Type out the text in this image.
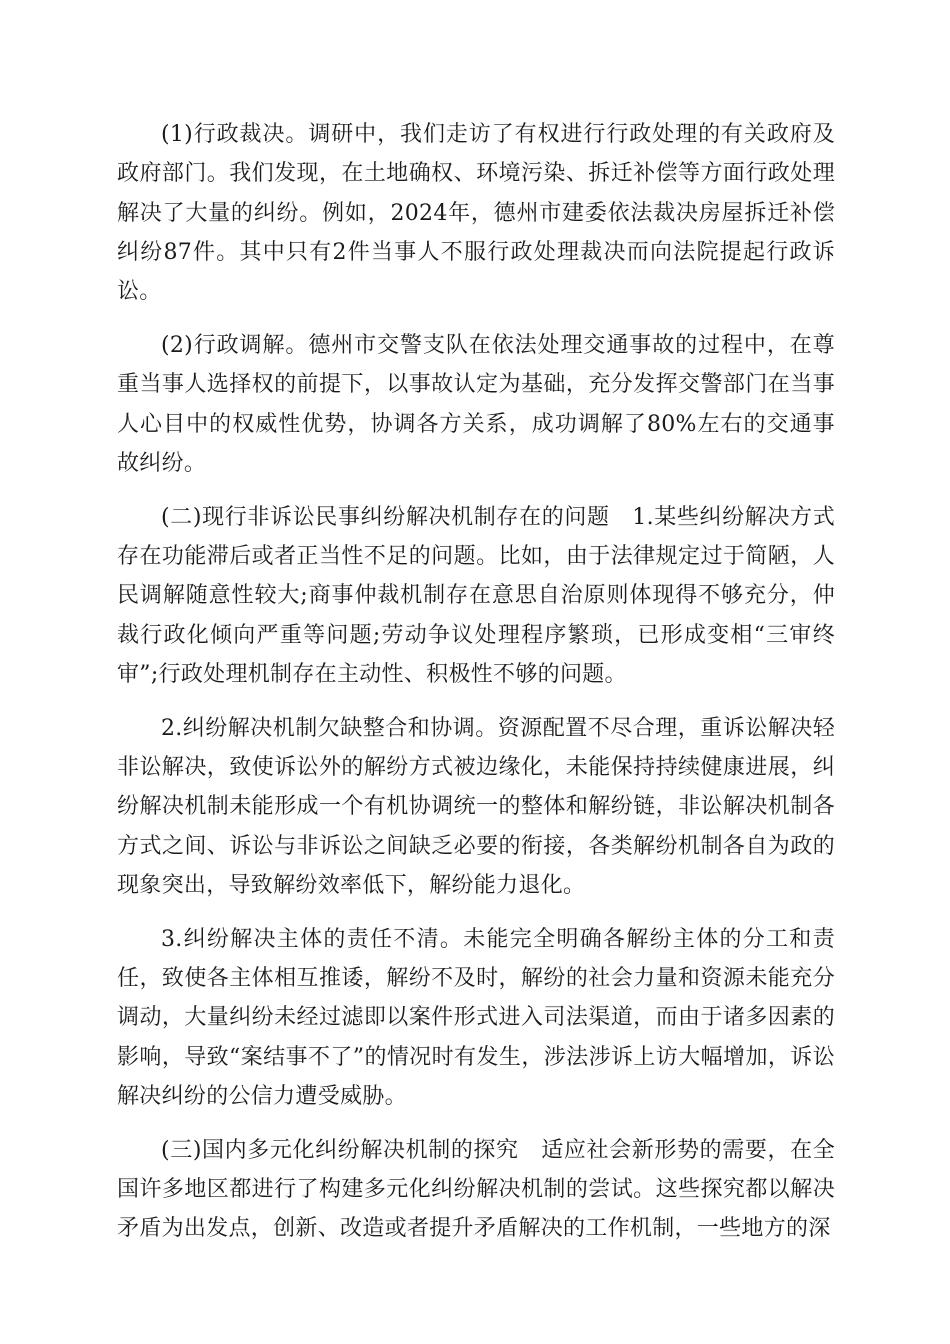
(1)行政裁决。调研中，我们走访了有权进行行政处理的有关政府及政府部门。我们发现，在土地确权、环境污染、拆迁补偿等方面行政处理解决了大量的纠纷。例如，2024年，德州市建委依法裁决房屋拆迁补偿纠纷87件。其中只有2件当事人不服行政处理裁决而向法院提起行政诉讼。

(2)行政调解。德州市交警支队在依法处理交通事故的过程中，在尊重当事人选择权的前提下，以事故认定为基础，充分发挥交警部门在当事人心目中的权威性优势，协调各方关系，成功调解了80%左右的交通事故纠纷。

(二)现行非诉讼民事纠纷解决机制存在的问题　1.某些纠纷解决方式存在功能滞后或者正当性不足的问题。比如，由于法律规定过于简陋，人民调解随意性较大;商事仲裁机制存在意思自治原则体现得不够充分，仲裁行政化倾向严重等问题;劳动争议处理程序繁琐，已形成变相“三审终审”;行政处理机制存在主动性、积极性不够的问题。

2.纠纷解决机制欠缺整合和协调。资源配置不尽合理，重诉讼解决轻非讼解决，致使诉讼外的解纷方式被边缘化，未能保持持续健康进展，纠纷解决机制未能形成一个有机协调统一的整体和解纷链，非讼解决机制各方式之间、诉讼与非诉讼之间缺乏必要的衔接，各类解纷机制各自为政的现象突出，导致解纷效率低下，解纷能力退化。

3.纠纷解决主体的责任不清。未能完全明确各解纷主体的分工和责任，致使各主体相互推诿，解纷不及时，解纷的社会力量和资源未能充分调动，大量纠纷未经过滤即以案件形式进入司法渠道，而由于诸多因素的影响，导致“案结事不了”的情况时有发生，涉法涉诉上访大幅增加，诉讼解决纠纷的公信力遭受威胁。

(三)国内多元化纠纷解决机制的探究　适应社会新形势的需要，在全国许多地区都进行了构建多元化纠纷解决机制的尝试。这些探究都以解决矛盾为出发点，创新、改造或者提升矛盾解决的工作机制，一些地方的深
